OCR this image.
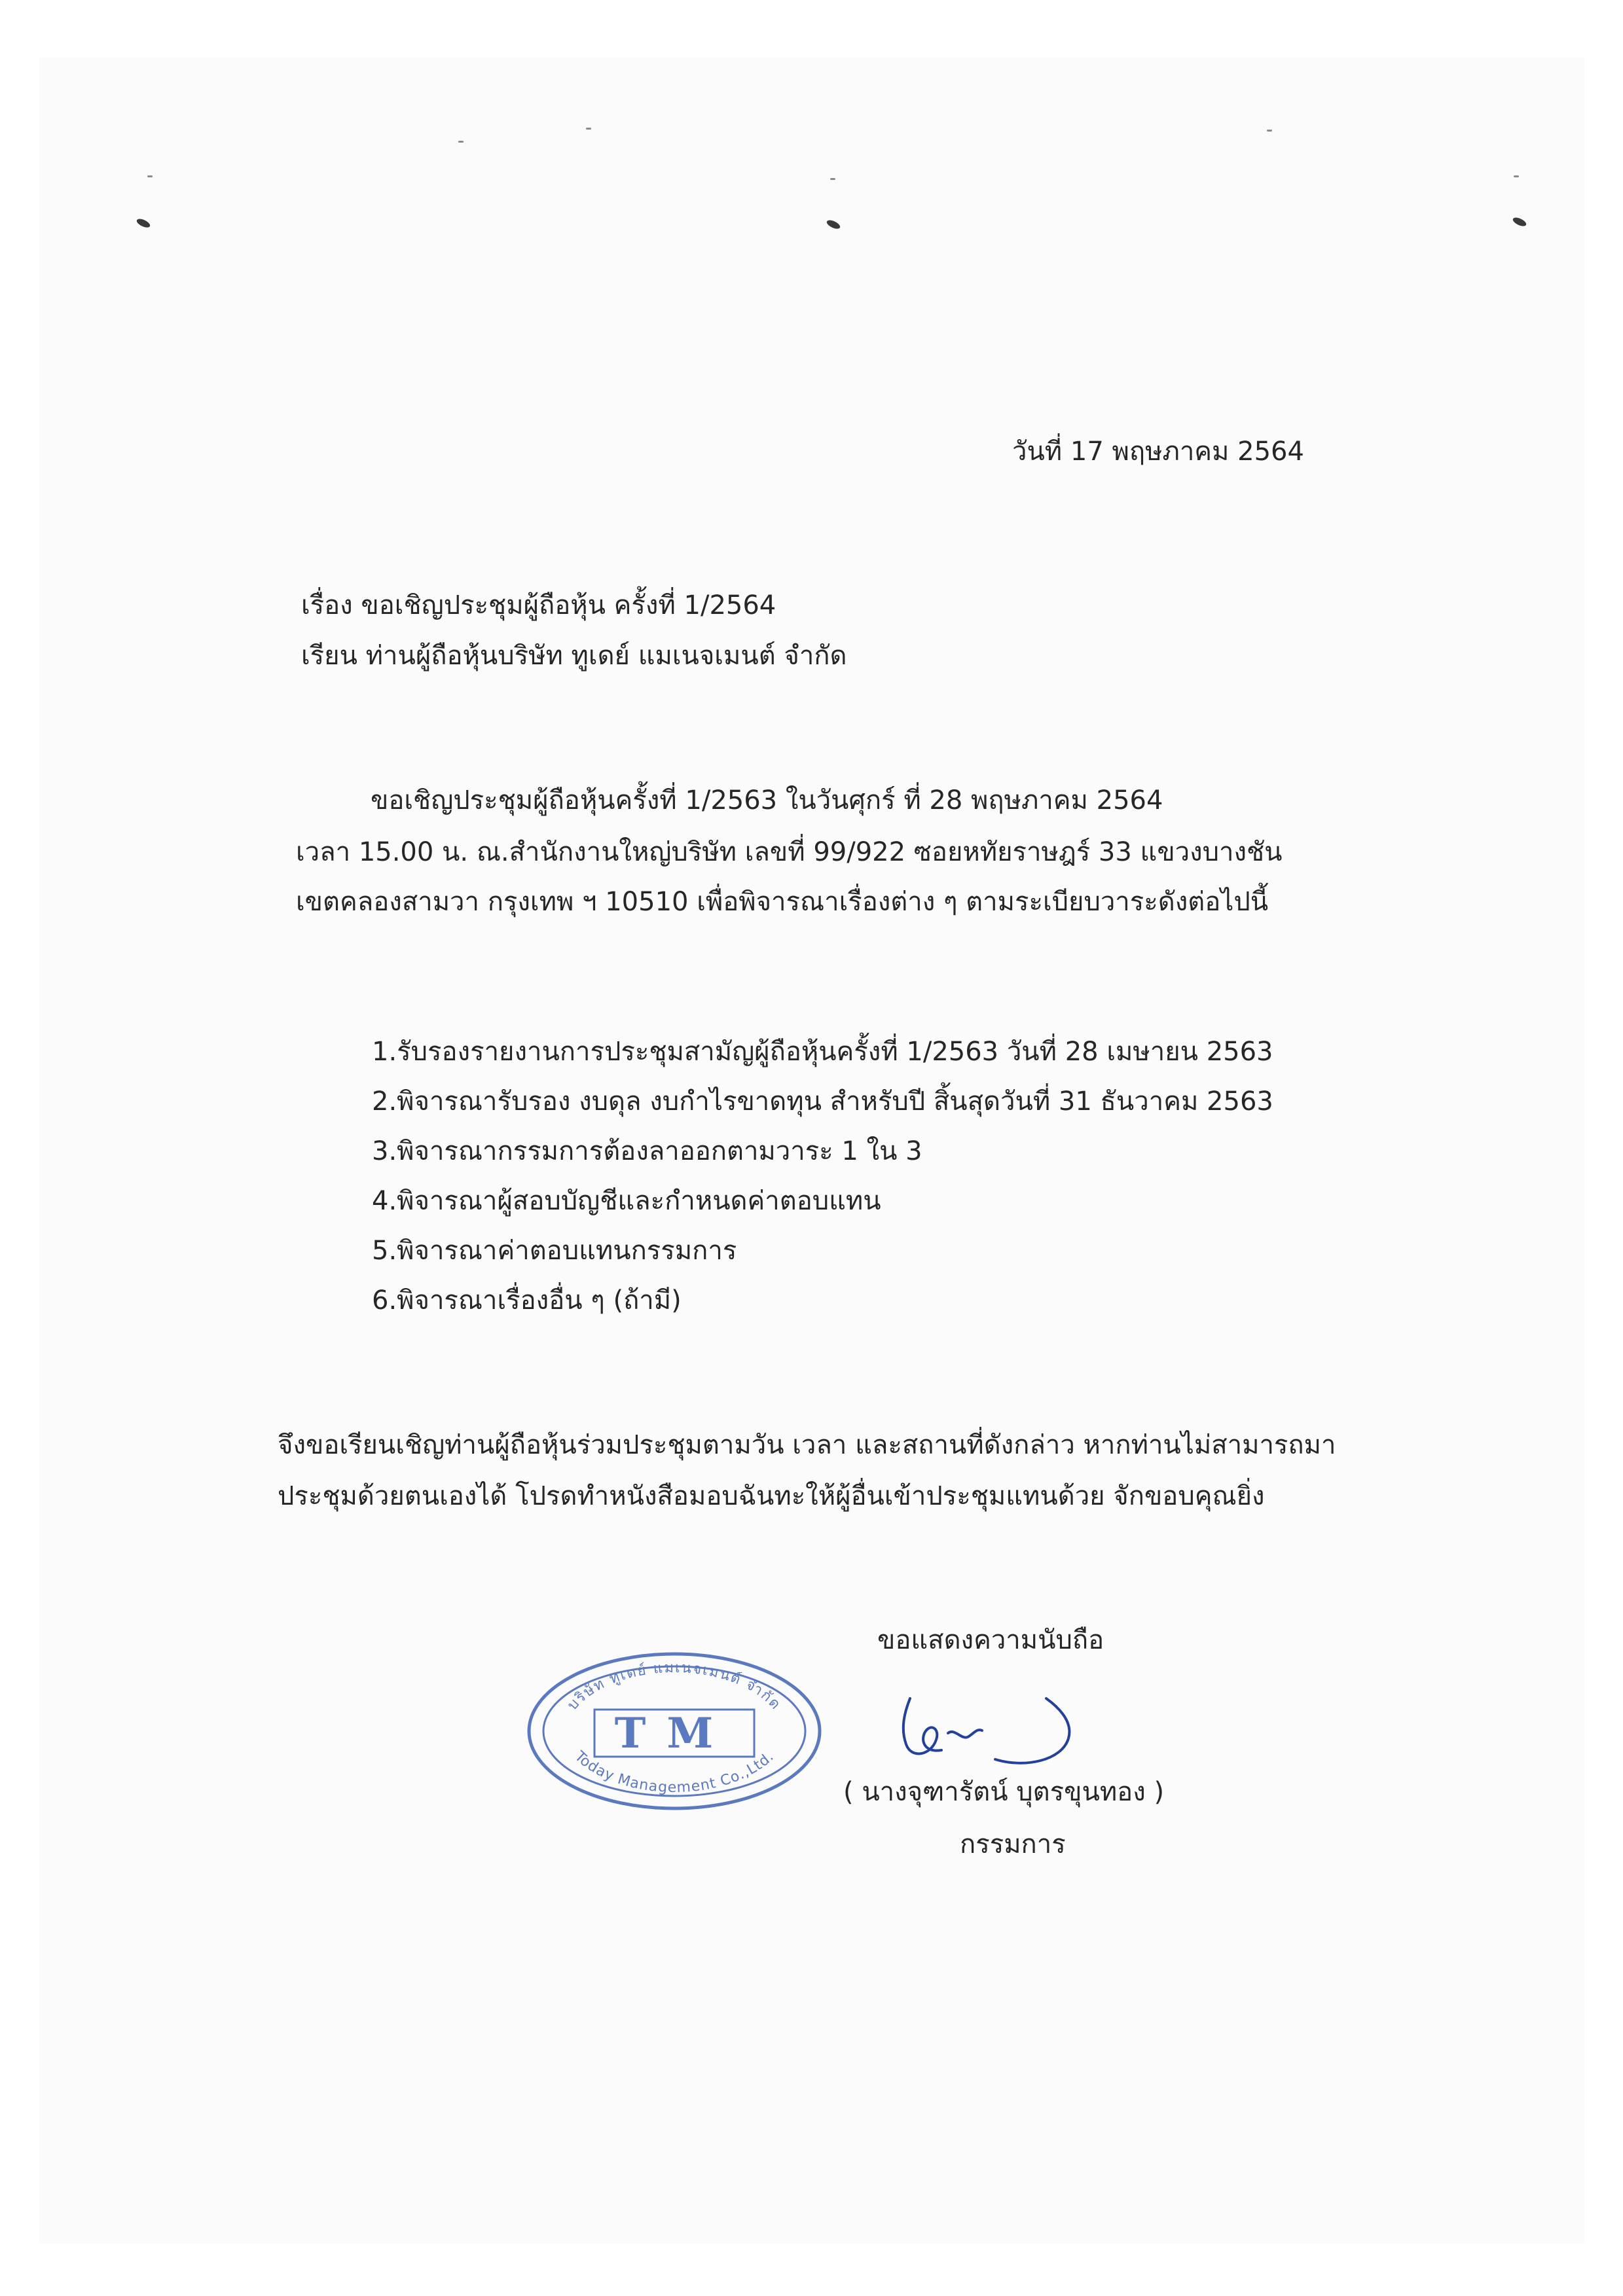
วันที่ 17 พฤษภาคม 2564
เรื่อง ขอเชิญประชุมผู้ถือหุ้น ครั้งที่ 1/2564
เรียน ท่านผู้ถือหุ้นบริษัท ทูเดย์ แมเนจเมนต์ จำกัด
ขอเชิญประชุมผู้ถือหุ้นครั้งที่ 1/2563 ในวันศุกร์ ที่ 28 พฤษภาคม 2564
เวลา 15.00 น. ณ.สำนักงานใหญ่บริษัท เลขที่ 99/922 ซอยหทัยราษฎร์ 33 แขวงบางชัน
เขตคลองสามวา กรุงเทพ ฯ 10510 เพื่อพิจารณาเรื่องต่าง ๆ ตามระเบียบวาระดังต่อไปนี้
1.รับรองรายงานการประชุมสามัญผู้ถือหุ้นครั้งที่ 1/2563 วันที่ 28 เมษายน 2563
2.พิจารณารับรอง งบดุล งบกำไรขาดทุน สำหรับปี สิ้นสุดวันที่ 31 ธันวาคม 2563
3.พิจารณากรรมการต้องลาออกตามวาระ 1 ใน 3
4.พิจารณาผู้สอบบัญชีและกำหนดค่าตอบแทน
5.พิจารณาค่าตอบแทนกรรมการ
6.พิจารณาเรื่องอื่น ๆ (ถ้ามี)
จึงขอเรียนเชิญท่านผู้ถือหุ้นร่วมประชุมตามวัน เวลา และสถานที่ดังกล่าว หากท่านไม่สามารถมา
ประชุมด้วยตนเองได้ โปรดทำหนังสือมอบฉันทะให้ผู้อื่นเข้าประชุมแทนด้วย จักขอบคุณยิ่ง
ขอแสดงความนับถือ
( นางจุฑารัตน์ บุตรขุนทอง )
กรรมการ
บริษัท ทูเดย์ แมเนจเมนต์ จำกัด
Today Management Co.,Ltd.
TM
